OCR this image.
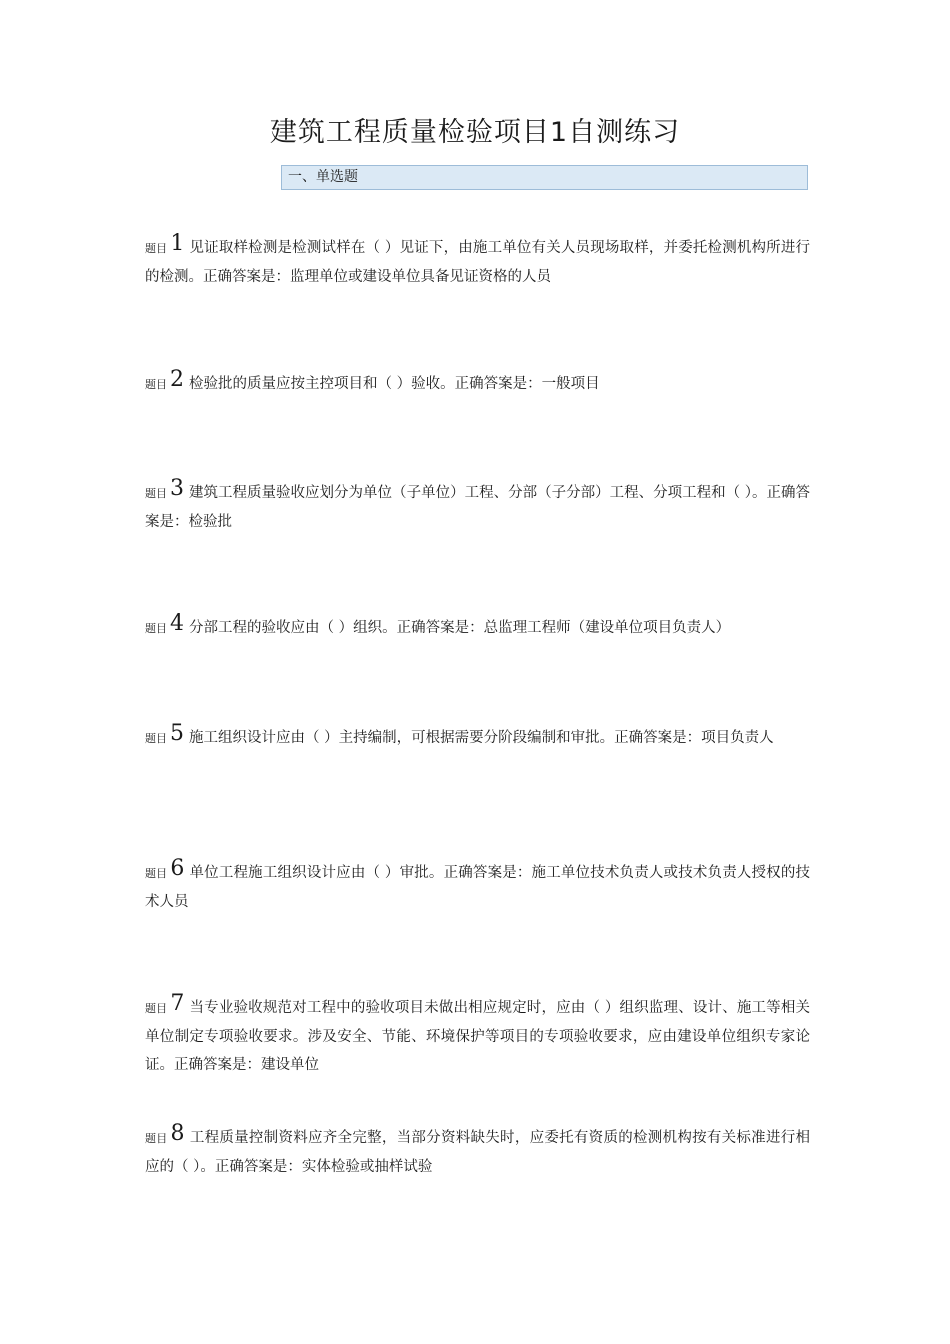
建筑工程质量检验项目1自测练习
一、单选题
题目 1 见证取样检测是检测试样在（ ）见证下，由施工单位有关人员现场取样，并委托检测机构所进行的检测。正确答案是：监理单位或建设单位具备见证资格的人员
题目 2 检验批的质量应按主控项目和（ ）验收。正确答案是：一般项目
题目 3 建筑工程质量验收应划分为单位（子单位）工程、分部（子分部）工程、分项工程和（ ）。正确答案是：检验批
题目 4 分部工程的验收应由（ ）组织。正确答案是：总监理工程师（建设单位项目负责人）
题目 5 施工组织设计应由（ ）主持编制，可根据需要分阶段编制和审批。正确答案是：项目负责人
题目 6 单位工程施工组织设计应由（ ）审批。正确答案是：施工单位技术负责人或技术负责人授权的技术人员
题目 7 当专业验收规范对工程中的验收项目未做出相应规定时，应由（ ）组织监理、设计、施工等相关单位制定专项验收要求。涉及安全、节能、环境保护等项目的专项验收要求，应由建设单位组织专家论证。正确答案是：建设单位
题目 8 工程质量控制资料应齐全完整，当部分资料缺失时，应委托有资质的检测机构按有关标准进行相应的（ ）。正确答案是：实体检验或抽样试验
